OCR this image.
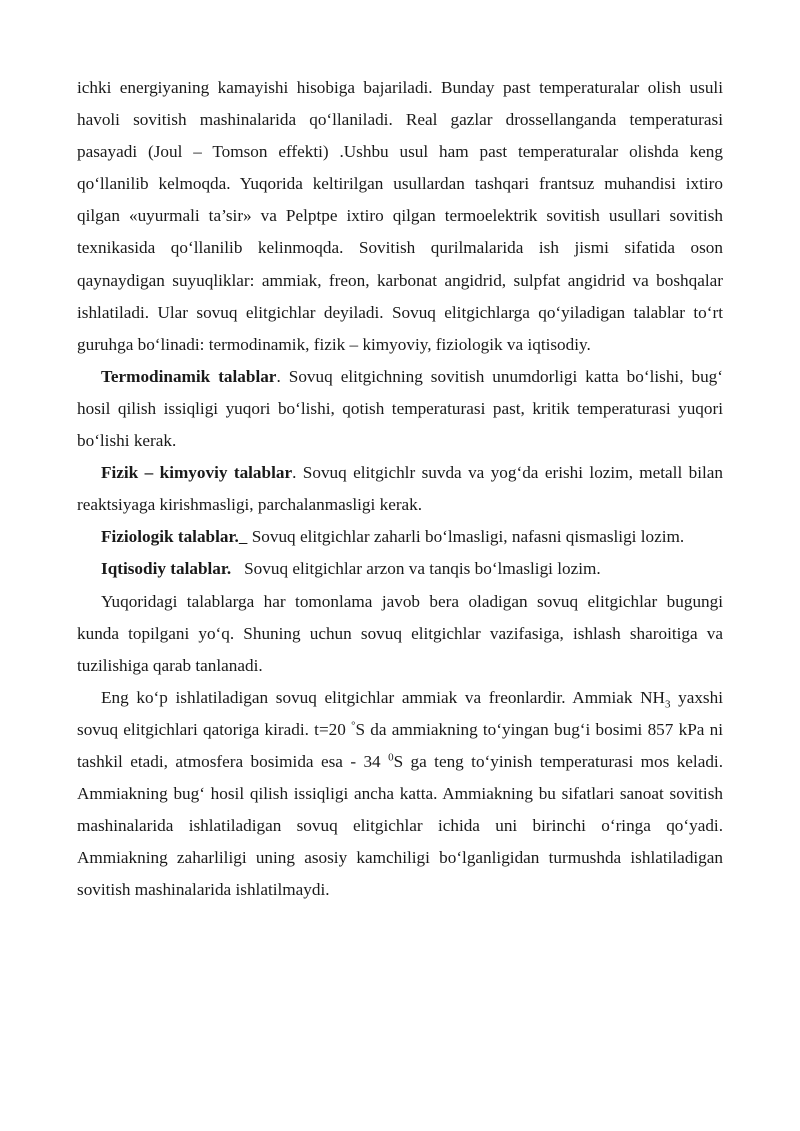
ichki energiyaning kamayishi hisobiga bajariladi. Bunday past temperaturalar olish usuli havoli sovitish mashinalarida qo‘llaniladi. Real gazlar drossellanganda temperaturasi pasayadi (Joul – Tomson effekti) .Ushbu usul ham past temperaturalar olishda keng qo‘llanilib kelmoqda. Yuqorida keltirilgan usullardan tashqari frantsuz muhandisi ixtiro qilgan «uyurmali ta’sir» va Pelptpe ixtiro qilgan termoelektrik sovitish usullari sovitish texnikasida qo‘llanilib kelinmoqda. Sovitish qurilmalarida ish jismi sifatida oson qaynaydigan suyuqliklar: ammiak, freon, karbonat angidrid, sulpfat angidrid va boshqalar ishlatiladi. Ular sovuq elitgichlar deyiladi. Sovuq elitgichlarga qo‘yiladigan talablar to‘rt guruhga bo‘linadi: termodinamik, fizik – kimyoviy, fiziologik va iqtisodiy.

Termodinamik talablar. Sovuq elitgichning sovitish unumdorligi katta bo‘lishi, bug‘ hosil qilish issiqligi yuqori bo‘lishi, qotish temperaturasi past, kritik temperaturasi yuqori bo‘lishi kerak.

Fizik – kimyoviy talablar. Sovuq elitgichlr suvda va yog‘da erishi lozim, metall bilan reaktsiyaga kirishmasligi, parchalanmasligi kerak.

Fiziologik talablar.   Sovuq elitgichlar zaharli bo‘lmasligi, nafasni qismasligi lozim.

Iqtisodiy talablar.   Sovuq elitgichlar arzon va tanqis bo‘lmasligi lozim.

Yuqoridagi talablarga har tomonlama javob bera oladigan sovuq elitgichlar bugungi kunda topilgani yo‘q. Shuning uchun sovuq elitgichlar vazifasiga, ishlash sharoitiga va tuzilishiga qarab tanlanadi.

Eng ko‘p ishlatiladigan sovuq elitgichlar ammiak va freonlardir. Ammiak $NH_3$ yaxshi sovuq elitgichlari qatoriga kiradi. t=20 °S da ammiakning to‘yingan bug‘i bosimi 857 kPa ni tashkil etadi, atmosfera bosimida esa - 34 $^0$S ga teng to‘yinish temperaturasi mos keladi. Ammiakning bug‘ hosil qilish issiqligi ancha katta. Ammiakning bu sifatlari sanoat sovitish mashinalarida ishlatiladigan sovuq elitgichlar ichida uni birinchi o‘ringa qo‘yadi. Ammiakning zaharliligi uning asosiy kamchiligi bo‘lganligidan turmushda ishlatiladigan sovitish mashinalarida ishlatilmaydi.
